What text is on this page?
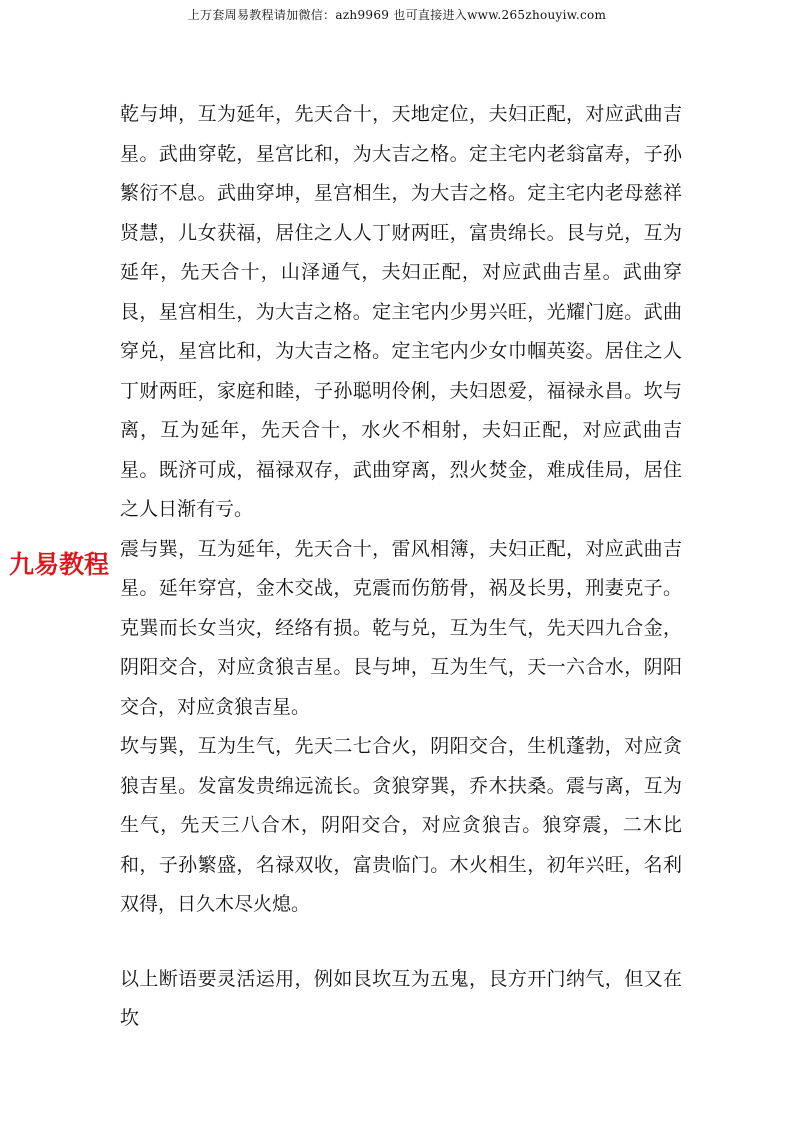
上万套周易教程请加微信：azh9969 也可直接进入www.265zhouyiw.com
九易教程

乾与坤，互为延年，先天合十，天地定位，夫妇正配，对应武曲吉星。武曲穿乾，星宫比和，为大吉之格。定主宅内老翁富寿，子孙繁衍不息。武曲穿坤，星宫相生，为大吉之格。定主宅内老母慈祥贤慧，儿女获福，居住之人人丁财两旺，富贵绵长。艮与兑，互为延年，先天合十，山泽通气，夫妇正配，对应武曲吉星。武曲穿艮，星宫相生，为大吉之格。定主宅内少男兴旺，光耀门庭。武曲穿兑，星宫比和，为大吉之格。定主宅内少女巾帼英姿。居住之人丁财两旺，家庭和睦，子孙聪明伶俐，夫妇恩爱，福禄永昌。坎与离，互为延年，先天合十，水火不相射，夫妇正配，对应武曲吉星。既济可成，福禄双存，武曲穿离，烈火焚金，难成佳局，居住之人日渐有亏。

震与巽，互为延年，先天合十，雷风相簿，夫妇正配，对应武曲吉星。延年穿宫，金木交战，克震而伤筋骨，祸及长男，刑妻克子。克巽而长女当灾，经络有损。乾与兑，互为生气，先天四九合金，阴阳交合，对应贪狼吉星。艮与坤，互为生气，天一六合水，阴阳交合，对应贪狼吉星。

坎与巽，互为生气，先天二七合火，阴阳交合，生机蓬勃，对应贪狼吉星。发富发贵绵远流长。贪狼穿巽，乔木扶桑。震与离，互为生气，先天三八合木，阴阳交合，对应贪狼吉。狼穿震，二木比和，子孙繁盛，名禄双收，富贵临门。木火相生，初年兴旺，名利双得，日久木尽火熄。

以上断语要灵活运用，例如艮坎互为五鬼，艮方开门纳气，但又在坎
